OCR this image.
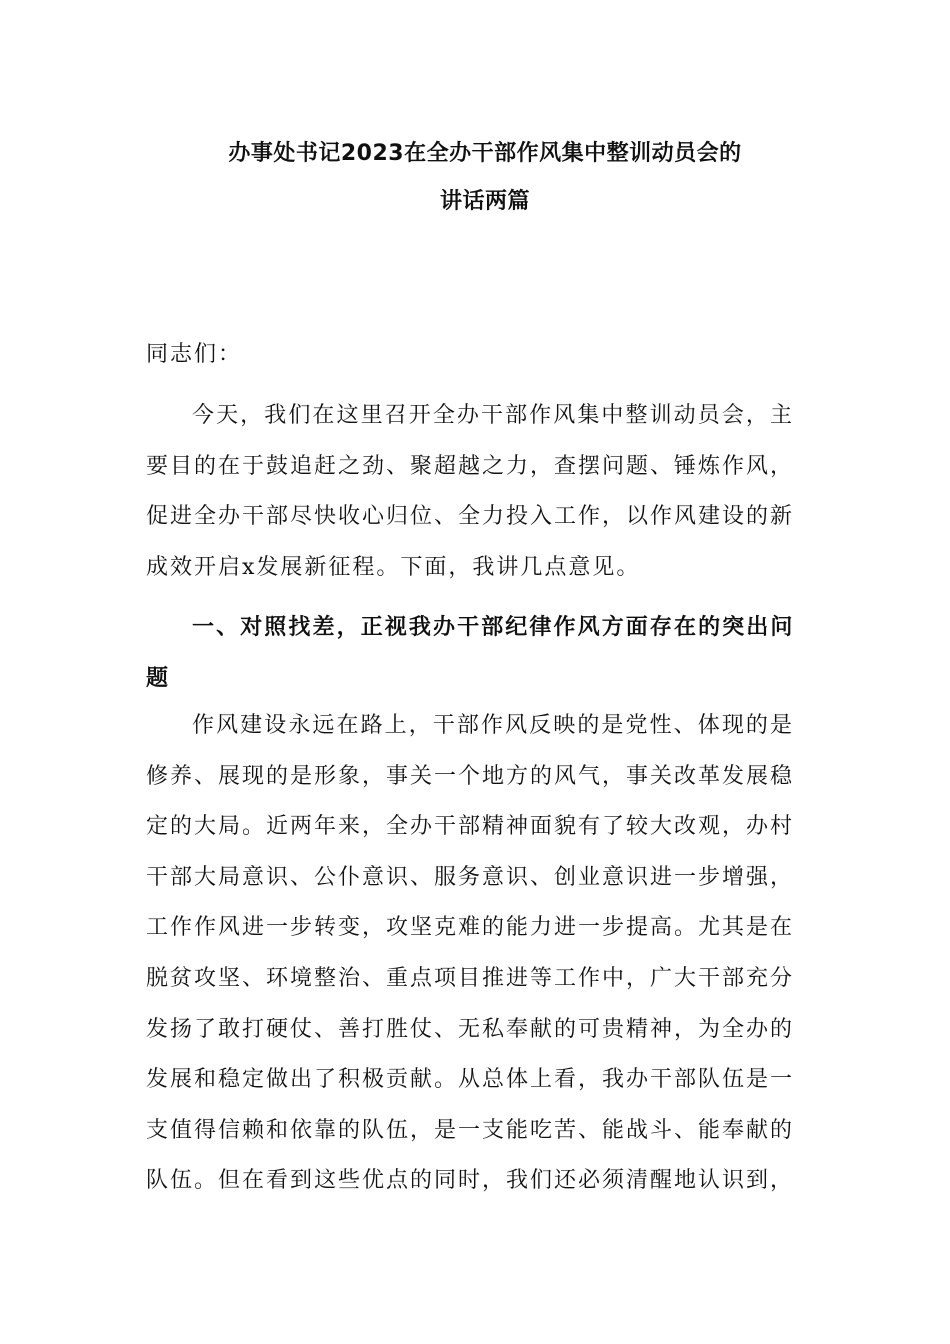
办事处书记2023在全办干部作风集中整训动员会的
讲话两篇

同志们：

今天，我们在这里召开全办干部作风集中整训动员会，主要目的在于鼓追赶之劲、聚超越之力，查摆问题、锤炼作风，促进全办干部尽快收心归位、全力投入工作，以作风建设的新成效开启x发展新征程。下面，我讲几点意见。

一、对照找差，正视我办干部纪律作风方面存在的突出问题

作风建设永远在路上，干部作风反映的是党性、体现的是修养、展现的是形象，事关一个地方的风气，事关改革发展稳定的大局。近两年来，全办干部精神面貌有了较大改观，办村干部大局意识、公仆意识、服务意识、创业意识进一步增强，工作作风进一步转变，攻坚克难的能力进一步提高。尤其是在脱贫攻坚、环境整治、重点项目推进等工作中，广大干部充分发扬了敢打硬仗、善打胜仗、无私奉献的可贵精神，为全办的发展和稳定做出了积极贡献。从总体上看，我办干部队伍是一支值得信赖和依靠的队伍，是一支能吃苦、能战斗、能奉献的队伍。但在看到这些优点的同时，我们还必须清醒地认识到，
